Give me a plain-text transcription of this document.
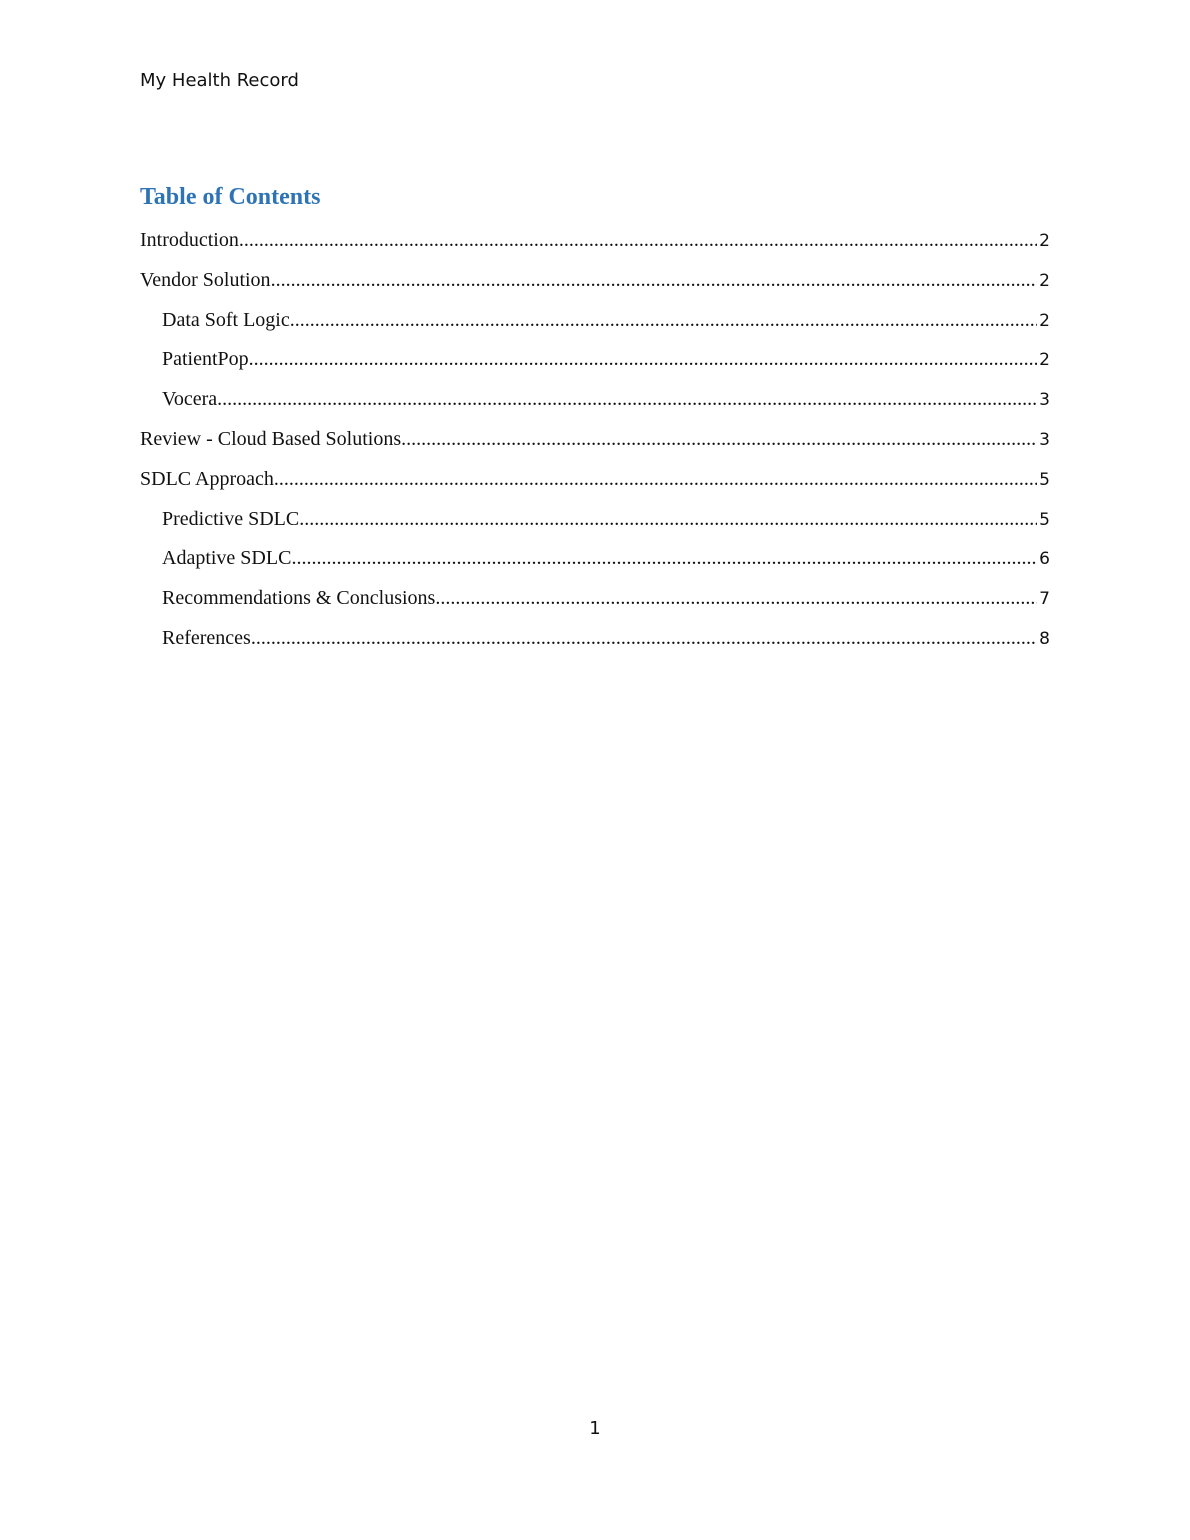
My Health Record
Table of Contents
Introduction .....	2
Vendor Solution .....	2
Data Soft Logic .....	2
PatientPop .....	2
Vocera .....	3
Review - Cloud Based Solutions .....	3
SDLC Approach .....	5
Predictive SDLC .....	5
Adaptive SDLC .....	6
Recommendations & Conclusions .....	7
References .....	8
1
